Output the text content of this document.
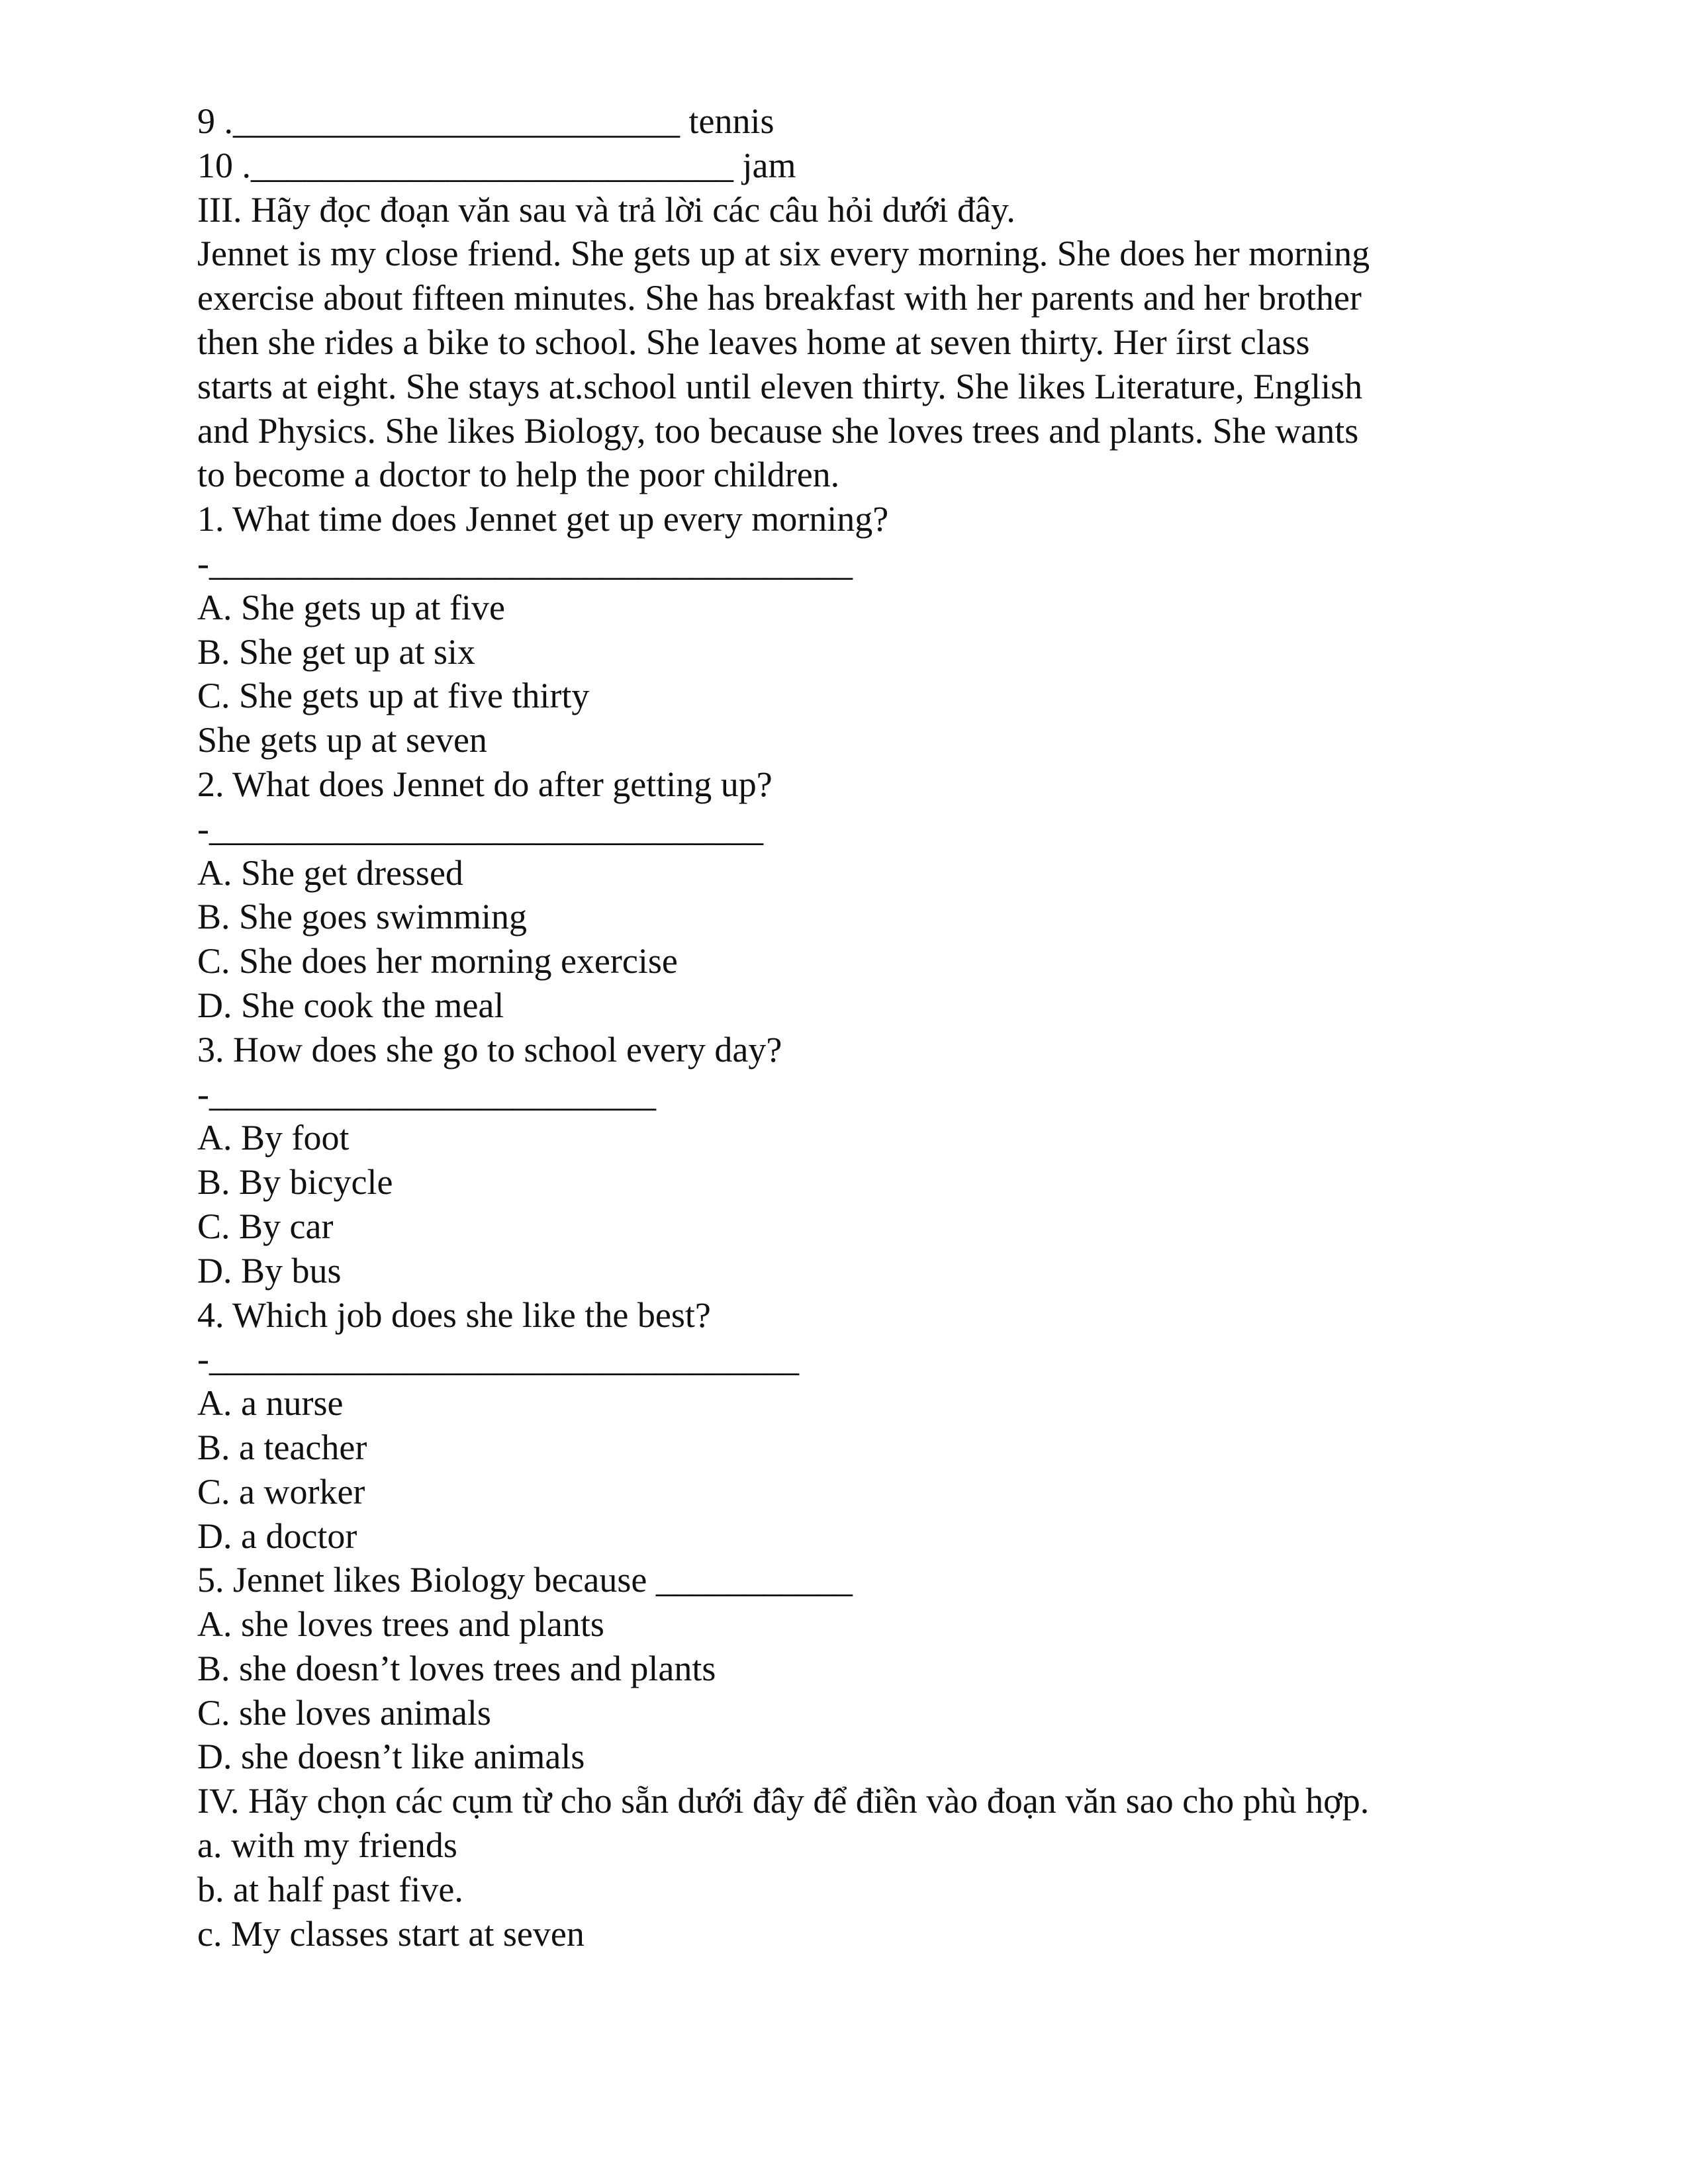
9 ._________________________ tennis
10 .___________________________ jam
III. Hãy đọc đoạn văn sau và trả lời các câu hỏi dưới đây.
Jennet is my close friend. She gets up at six every morning. She does her morning
exercise about fifteen minutes. She has breakfast with her parents and her brother
then she rides a bike to school. She leaves home at seven thirty. Her íirst class
starts at eight. She stays at.school until eleven thirty. She likes Literature, English
and Physics. She likes Biology, too because she loves trees and plants. She wants
to become a doctor to help the poor children.
1. What time does Jennet get up every morning?
-____________________________________
A. She gets up at five
B. She get up at six
C. She gets up at five thirty
She gets up at seven
2. What does Jennet do after getting up?
-_______________________________
A. She get dressed
B. She goes swimming
C. She does her morning exercise
D. She cook the meal
3. How does she go to school every day?
-_________________________
A. By foot
B. By bicycle
C. By car
D. By bus
4. Which job does she like the best?
-_________________________________
A. a nurse
B. a teacher
C. a worker
D. a doctor
5. Jennet likes Biology because ___________
A. she loves trees and plants
B. she doesn’t loves trees and plants
C. she loves animals
D. she doesn’t like animals
IV. Hãy chọn các cụm từ cho sẵn dưới đây để điền vào đoạn văn sao cho phù hợp.
a. with my friends
b. at half past five.
c. My classes start at seven
